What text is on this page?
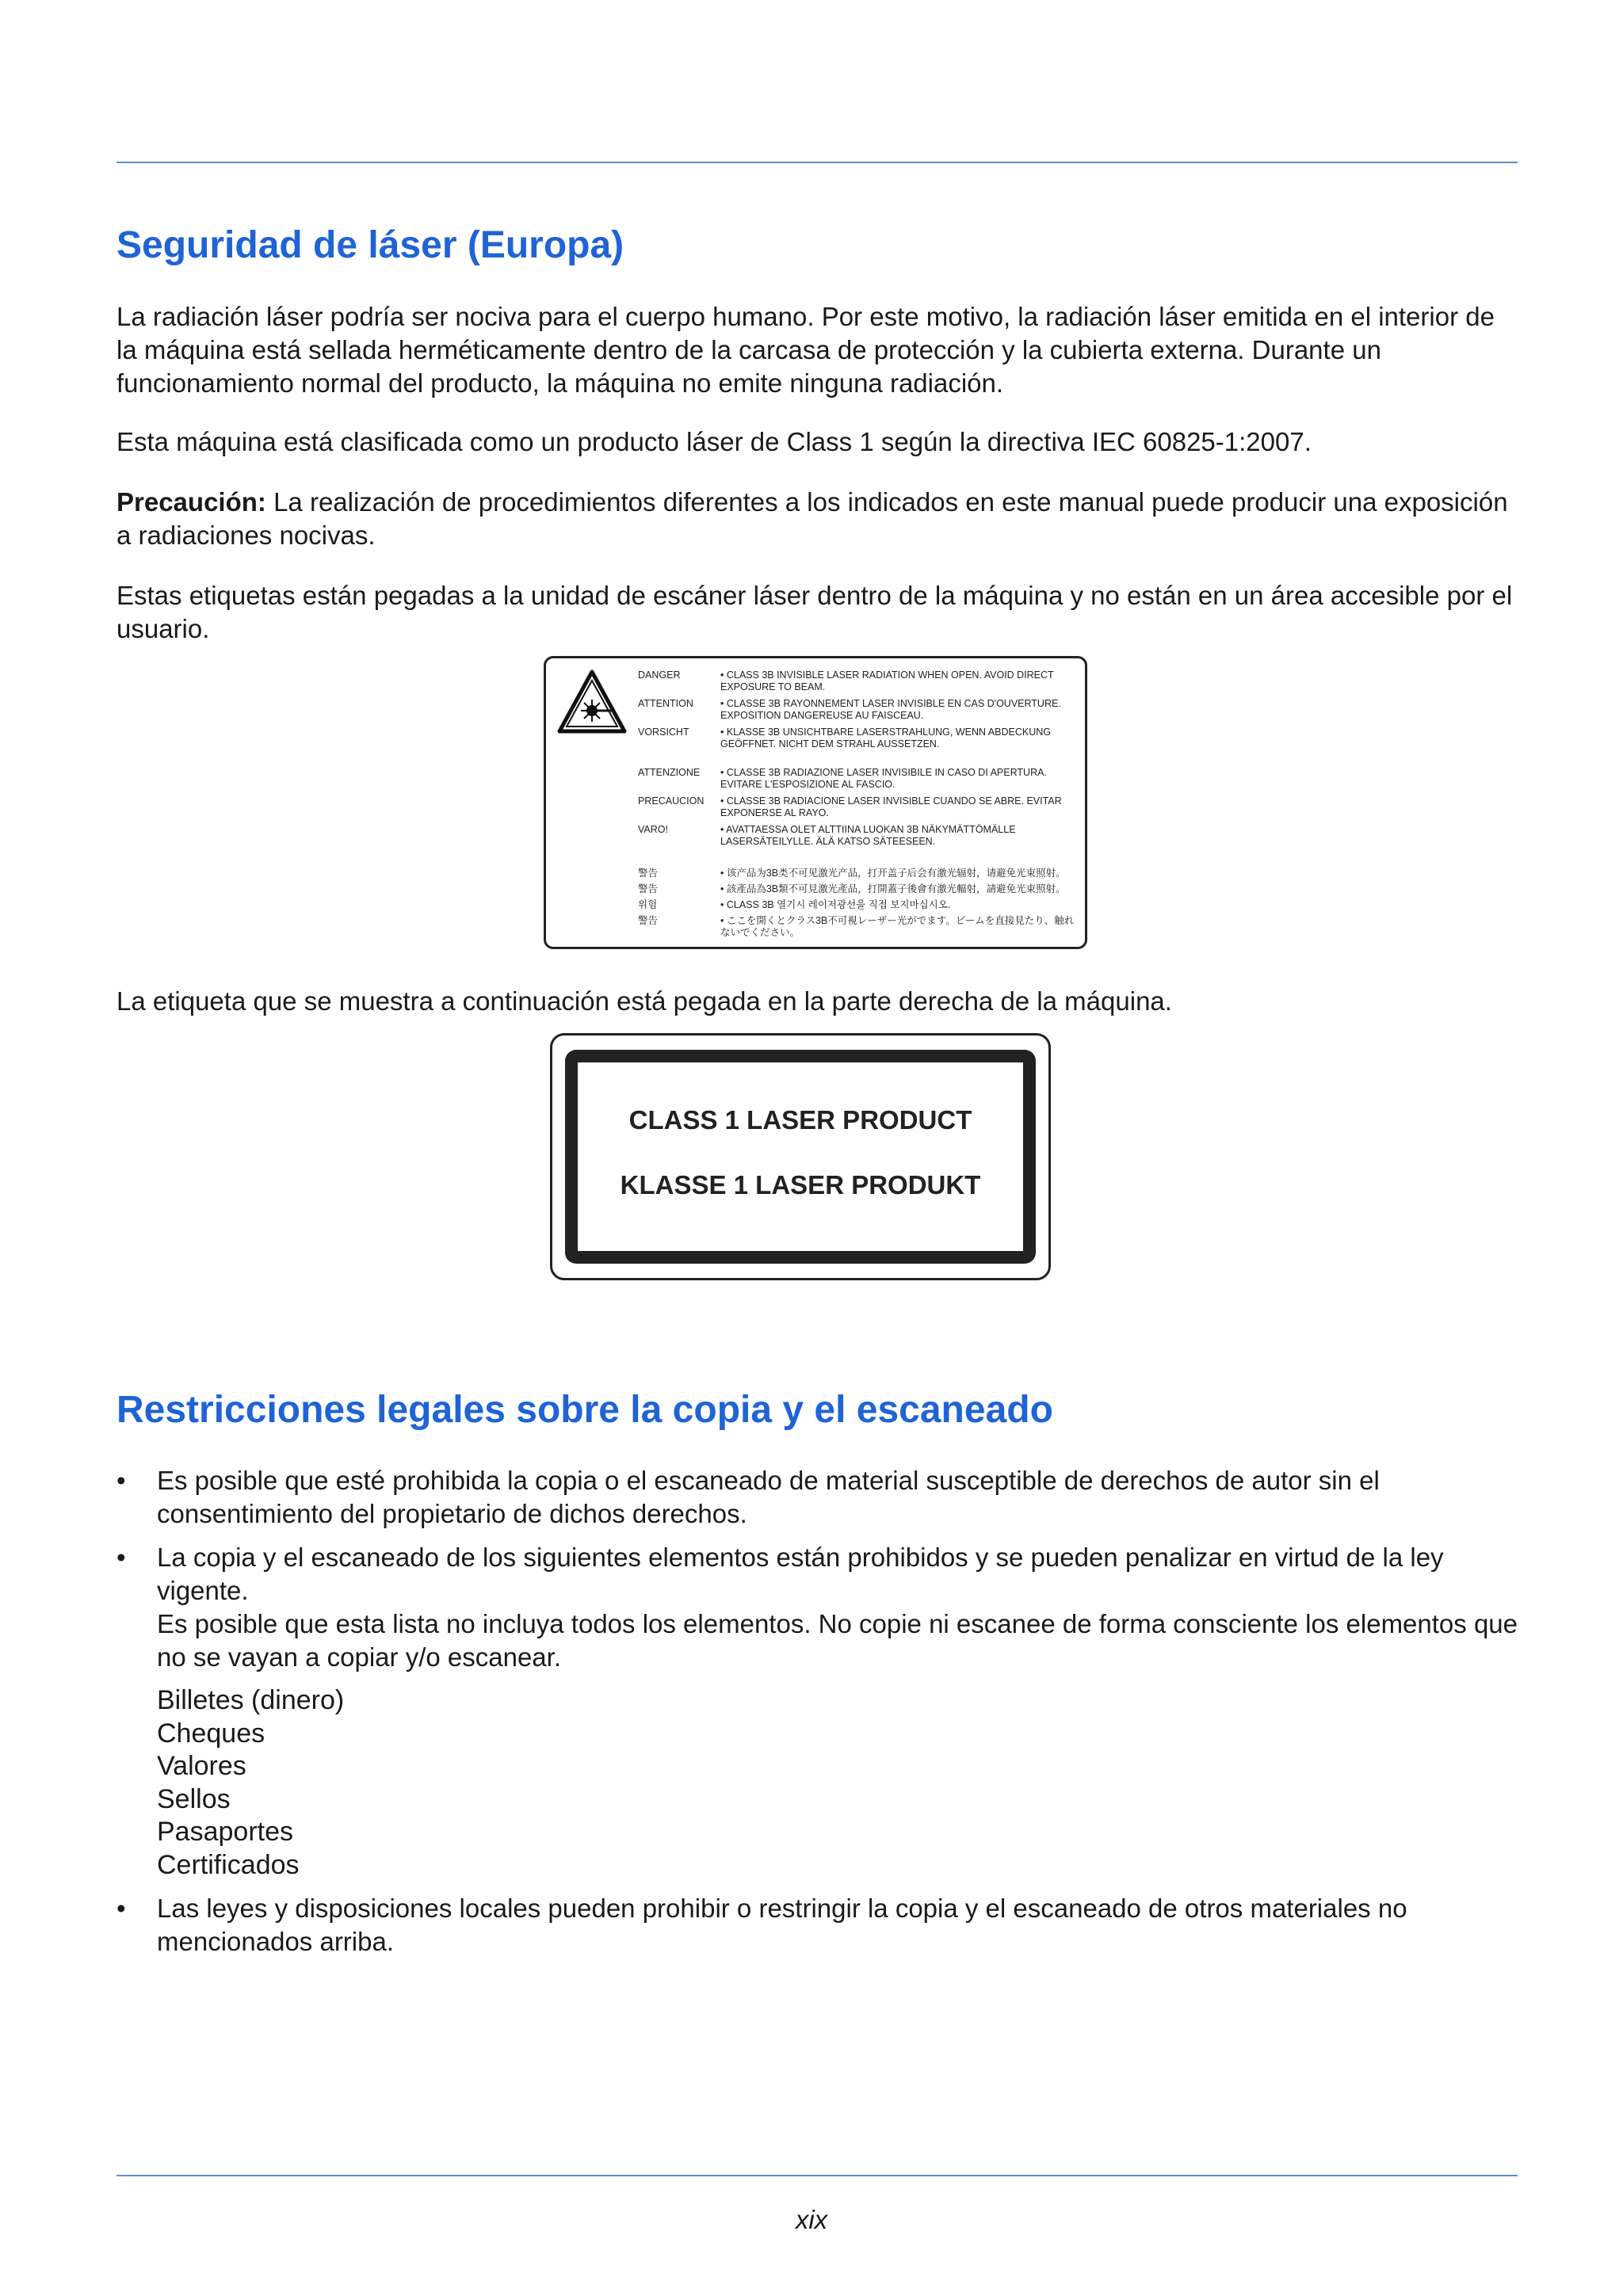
Seguridad de láser (Europa)

La radiación láser podría ser nociva para el cuerpo humano. Por este motivo, la radiación láser emitida en el interior de la máquina está sellada herméticamente dentro de la carcasa de protección y la cubierta externa. Durante un funcionamiento normal del producto, la máquina no emite ninguna radiación.

Esta máquina está clasificada como un producto láser de Class 1 según la directiva IEC 60825-1:2007.

Precaución: La realización de procedimientos diferentes a los indicados en este manual puede producir una exposición a radiaciones nocivas.

Estas etiquetas están pegadas a la unidad de escáner láser dentro de la máquina y no están en un área accesible por el usuario.

DANGER	• CLASS 3B INVISIBLE LASER RADIATION WHEN OPEN. AVOID DIRECT EXPOSURE TO BEAM.
ATTENTION	• CLASSE 3B RAYONNEMENT LASER INVISIBLE EN CAS D'OUVERTURE. EXPOSITION DANGEREUSE AU FAISCEAU.
VORSICHT	• KLASSE 3B UNSICHTBARE LASERSTRAHLUNG, WENN ABDECKUNG GEÖFFNET. NICHT DEM STRAHL AUSSETZEN.
ATTENZIONE	• CLASSE 3B RADIAZIONE LASER INVISIBILE IN CASO DI APERTURA. EVITARE L'ESPOSIZIONE AL FASCIO.
PRECAUCION	• CLASSE 3B RADIACIONE LASER INVISIBLE CUANDO SE ABRE. EVITAR EXPONERSE AL RAYO.
VARO!	• AVATTAESSA OLET ALTTIINA LUOKAN 3B NÄKYMÄTTÖMÄLLE LASERSÄTEILYLLE. ÄLÄ KATSO SÄTEESEEN.
警告	• 该产品为3B类不可见激光产品，打开盖子后会有激光辐射，请避免光束照射。
警告	• 該產品為3B類不可見激光產品，打開蓋子後會有激光輻射，請避免光束照射。
위험	• CLASS 3B 열기시 레이저광선을 직접 보지마십시오.
警告	• ここを開くとクラス3B不可視レーザー光がでます。ビームを直接見たり、触れないでください。

La etiqueta que se muestra a continuación está pegada en la parte derecha de la máquina.

CLASS 1 LASER PRODUCT
KLASSE 1 LASER PRODUKT
Restricciones legales sobre la copia y el escaneado
• Es posible que esté prohibida la copia o el escaneado de material susceptible de derechos de autor sin el consentimiento del propietario de dichos derechos.

• La copia y el escaneado de los siguientes elementos están prohibidos y se pueden penalizar en virtud de la ley vigente.

Es posible que esta lista no incluya todos los elementos. No copie ni escanee de forma consciente los elementos que no se vayan a copiar y/o escanear.

Billetes (dinero)
Cheques
Valores
Sellos
Pasaportes
Certificados
• Las leyes y disposiciones locales pueden prohibir o restringir la copia y el escaneado de otros materiales no mencionados arriba.

xix
